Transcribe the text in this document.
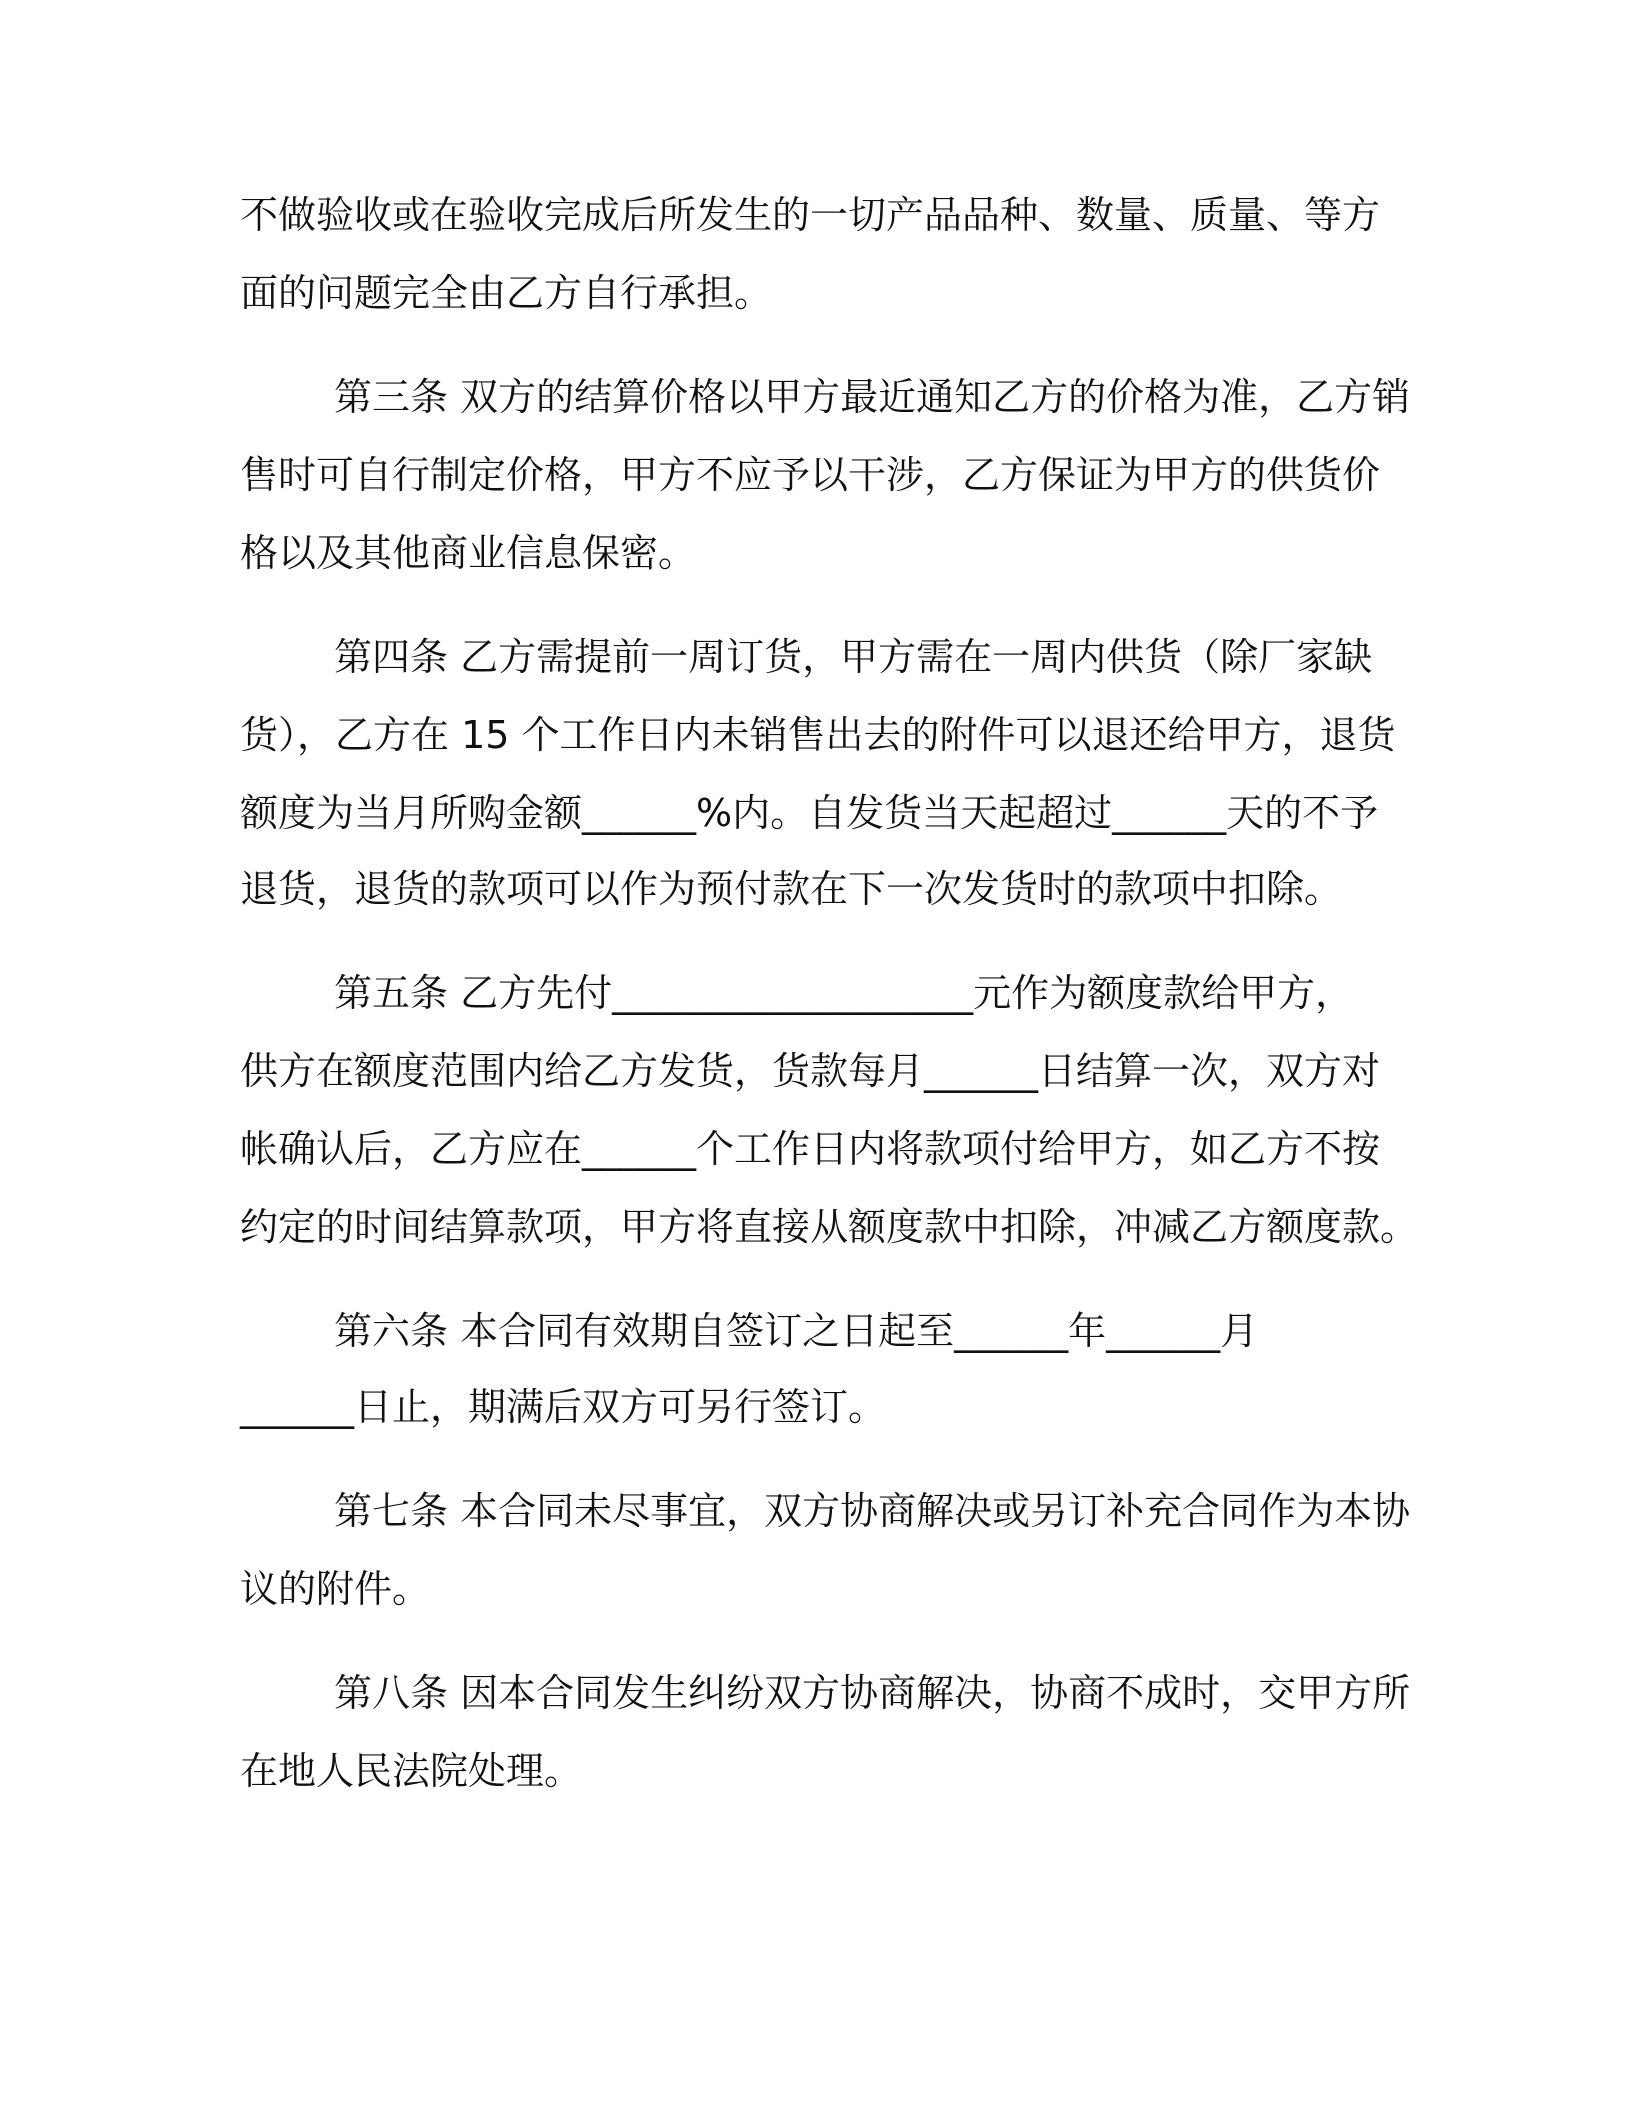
不做验收或在验收完成后所发生的一切产品品种、数量、质量、等方
面的问题完全由乙方自行承担。
第三条 双方的结算价格以甲方最近通知乙方的价格为准，乙方销
售时可自行制定价格，甲方不应予以干涉，乙方保证为甲方的供货价
格以及其他商业信息保密。
第四条 乙方需提前一周订货，甲方需在一周内供货（除厂家缺
货），乙方在 15 个工作日内未销售出去的附件可以退还给甲方，退货
额度为当月所购金额______%内。自发货当天起超过______天的不予
退货，退货的款项可以作为预付款在下一次发货时的款项中扣除。
第五条 乙方先付___________________元作为额度款给甲方，
供方在额度范围内给乙方发货，货款每月______日结算一次，双方对
帐确认后，乙方应在______个工作日内将款项付给甲方，如乙方不按
约定的时间结算款项，甲方将直接从额度款中扣除，冲减乙方额度款。
第六条 本合同有效期自签订之日起至______年______月
______日止，期满后双方可另行签订。
第七条 本合同未尽事宜，双方协商解决或另订补充合同作为本协
议的附件。
第八条 因本合同发生纠纷双方协商解决，协商不成时，交甲方所
在地人民法院处理。
